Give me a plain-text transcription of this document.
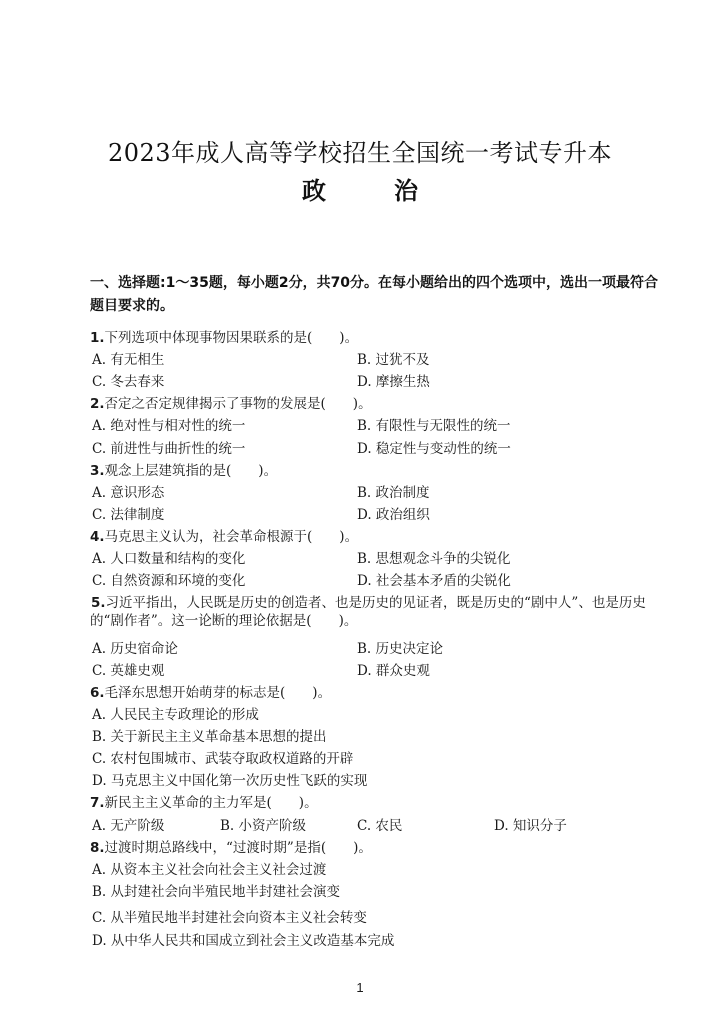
2023年成人高等学校招生全国统一考试专升本
政　治
一、选择题:1～35题，每小题2分，共70分。在每小题给出的四个选项中，选出一项最符合题目要求的。
1.下列选项中体现事物因果联系的是(　　)。
A. 有无相生	B. 过犹不及
C. 冬去春来	D. 摩擦生热
2.否定之否定规律揭示了事物的发展是(　　)。
A. 绝对性与相对性的统一	B. 有限性与无限性的统一
C. 前进性与曲折性的统一	D. 稳定性与变动性的统一
3.观念上层建筑指的是(　　)。
A. 意识形态	B. 政治制度
C. 法律制度	D. 政治组织
4.马克思主义认为，社会革命根源于(　　)。
A. 人口数量和结构的变化	B. 思想观念斗争的尖锐化
C. 自然资源和环境的变化	D. 社会基本矛盾的尖锐化
5.习近平指出，人民既是历史的创造者、也是历史的见证者，既是历史的“剧中人”、也是历史的“剧作者”。这一论断的理论依据是(　　)。
A. 历史宿命论	B. 历史决定论
C. 英雄史观	D. 群众史观
6.毛泽东思想开始萌芽的标志是(　　)。
A. 人民民主专政理论的形成
B. 关于新民主主义革命基本思想的提出
C. 农村包围城市、武装夺取政权道路的开辟
D. 马克思主义中国化第一次历史性飞跃的实现
7.新民主主义革命的主力军是(　　)。
A. 无产阶级	B. 小资产阶级	C. 农民	D. 知识分子
8.过渡时期总路线中，“过渡时期”是指(　　)。
A. 从资本主义社会向社会主义社会过渡
B. 从封建社会向半殖民地半封建社会演变
C. 从半殖民地半封建社会向资本主义社会转变
D. 从中华人民共和国成立到社会主义改造基本完成
1
